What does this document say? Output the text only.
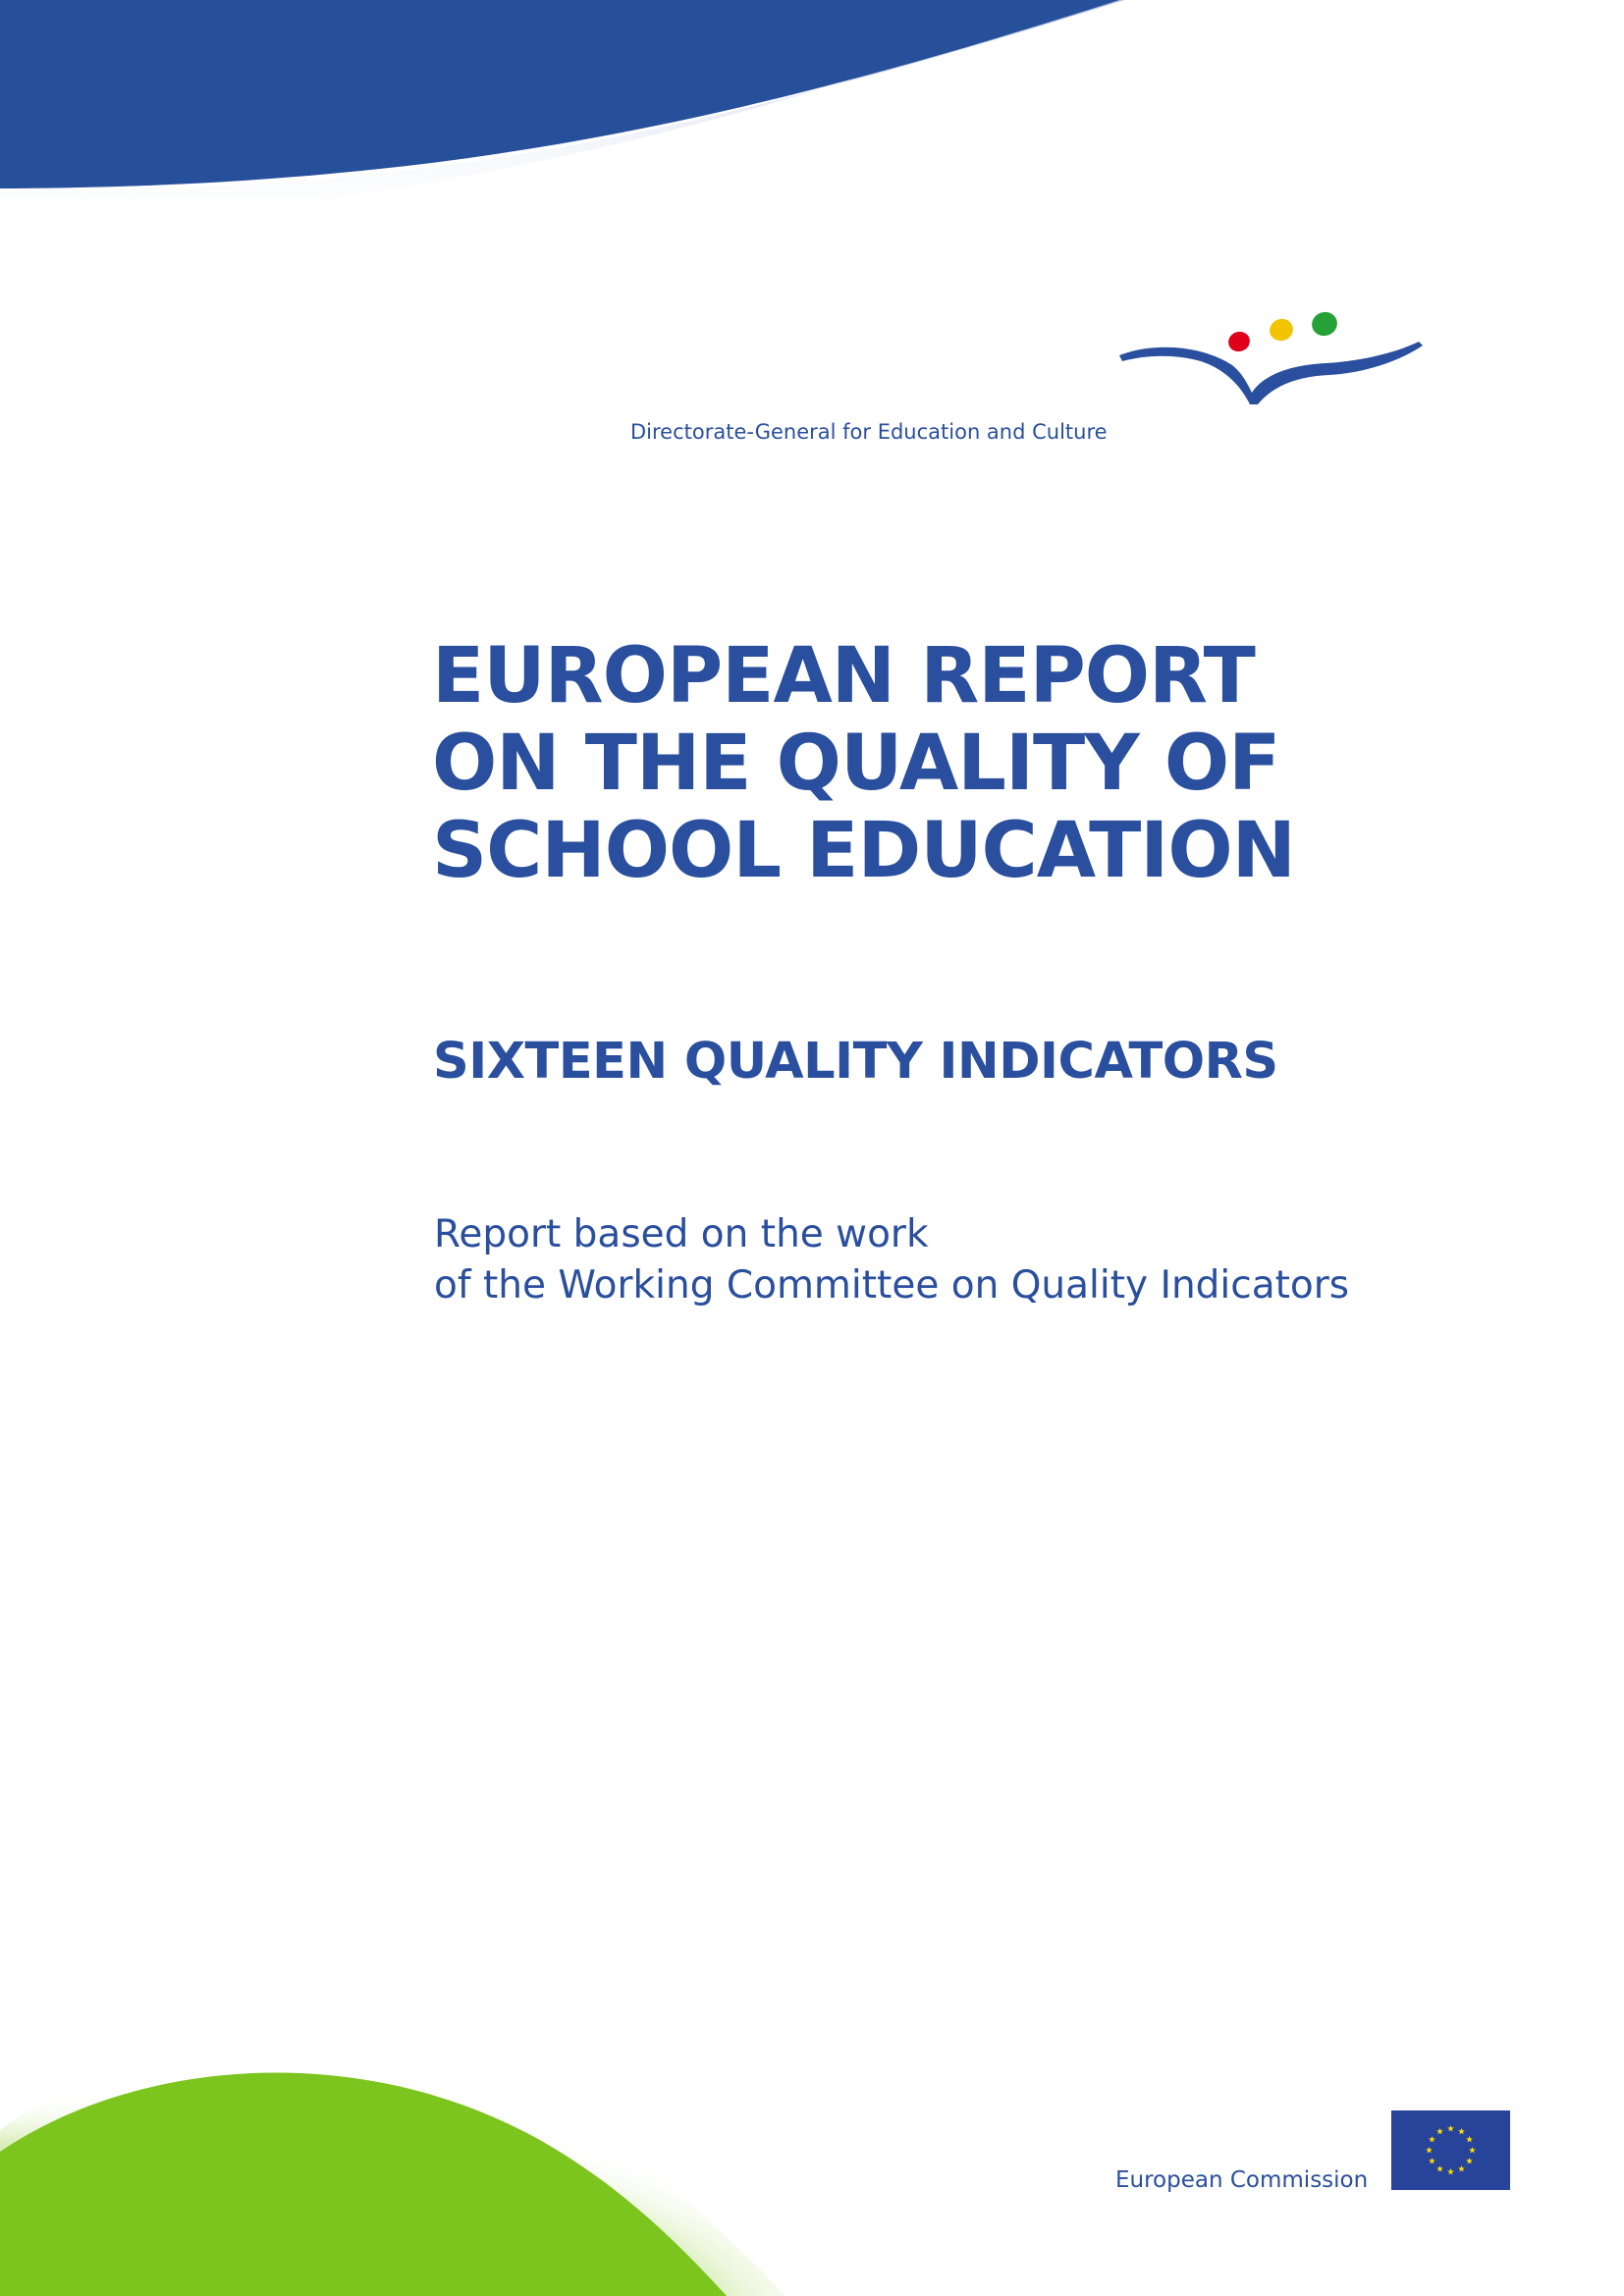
Directorate-General for Education and Culture
EUROPEAN REPORT
ON THE QUALITY OF
SCHOOL EDUCATION
SIXTEEN QUALITY INDICATORS

Report based on the work
of the Working Committee on Quality Indicators

European Commission
